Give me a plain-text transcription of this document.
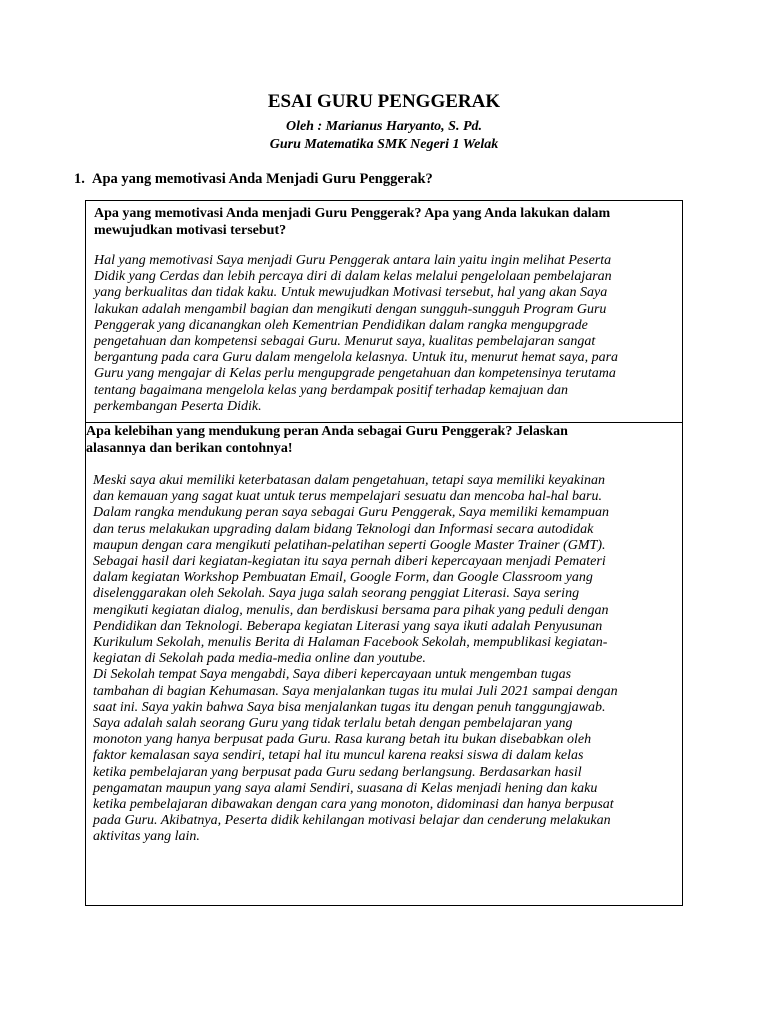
ESAI GURU PENGGERAK
Oleh : Marianus Haryanto, S. Pd.
Guru Matematika SMK Negeri 1 Welak
1. Apa yang memotivasi Anda Menjadi Guru Penggerak?
Apa yang memotivasi Anda menjadi Guru Penggerak? Apa yang Anda lakukan dalam
mewujudkan motivasi tersebut?
Hal yang memotivasi Saya menjadi Guru Penggerak antara lain yaitu ingin melihat Peserta
Didik yang Cerdas dan lebih percaya diri di dalam kelas melalui pengelolaan pembelajaran
yang berkualitas dan tidak kaku. Untuk mewujudkan Motivasi tersebut, hal yang akan Saya
lakukan adalah mengambil bagian dan mengikuti dengan sungguh-sungguh Program Guru
Penggerak yang dicanangkan oleh Kementrian Pendidikan dalam rangka mengupgrade
pengetahuan dan kompetensi sebagai Guru. Menurut saya, kualitas pembelajaran sangat
bergantung pada cara Guru dalam mengelola kelasnya. Untuk itu, menurut hemat saya, para
Guru yang mengajar di Kelas perlu mengupgrade pengetahuan dan kompetensinya terutama
tentang bagaimana mengelola kelas yang berdampak positif terhadap kemajuan dan
perkembangan Peserta Didik.
Apa kelebihan yang mendukung peran Anda sebagai Guru Penggerak? Jelaskan
alasannya dan berikan contohnya!
Meski saya akui memiliki keterbatasan dalam pengetahuan, tetapi saya memiliki keyakinan
dan kemauan yang sagat kuat untuk terus mempelajari sesuatu dan mencoba hal-hal baru.
Dalam rangka mendukung peran saya sebagai Guru Penggerak, Saya memiliki kemampuan
dan terus melakukan upgrading dalam bidang Teknologi dan Informasi secara autodidak
maupun dengan cara mengikuti pelatihan-pelatihan seperti Google Master Trainer (GMT).
Sebagai hasil dari kegiatan-kegiatan itu saya pernah diberi kepercayaan menjadi Pemateri
dalam kegiatan Workshop Pembuatan Email, Google Form, dan Google Classroom yang
diselenggarakan oleh Sekolah. Saya juga salah seorang penggiat Literasi. Saya sering
mengikuti kegiatan dialog, menulis, dan berdiskusi bersama para pihak yang peduli dengan
Pendidikan dan Teknologi. Beberapa kegiatan Literasi yang saya ikuti adalah Penyusunan
Kurikulum Sekolah, menulis Berita di Halaman Facebook Sekolah, mempublikasi kegiatan-
kegiatan di Sekolah pada media-media online dan youtube.
Di Sekolah tempat Saya mengabdi, Saya diberi kepercayaan untuk mengemban tugas
tambahan di bagian Kehumasan. Saya menjalankan tugas itu mulai Juli 2021 sampai dengan
saat ini. Saya yakin bahwa Saya bisa menjalankan tugas itu dengan penuh tanggungjawab.
Saya adalah salah seorang Guru yang tidak terlalu betah dengan pembelajaran yang
monoton yang hanya berpusat pada Guru. Rasa kurang betah itu bukan disebabkan oleh
faktor kemalasan saya sendiri, tetapi hal itu muncul karena reaksi siswa di dalam kelas
ketika pembelajaran yang berpusat pada Guru sedang berlangsung. Berdasarkan hasil
pengamatan maupun yang saya alami Sendiri, suasana di Kelas menjadi hening dan kaku
ketika pembelajaran dibawakan dengan cara yang monoton, didominasi dan hanya berpusat
pada Guru. Akibatnya, Peserta didik kehilangan motivasi belajar dan cenderung melakukan
aktivitas yang lain.
